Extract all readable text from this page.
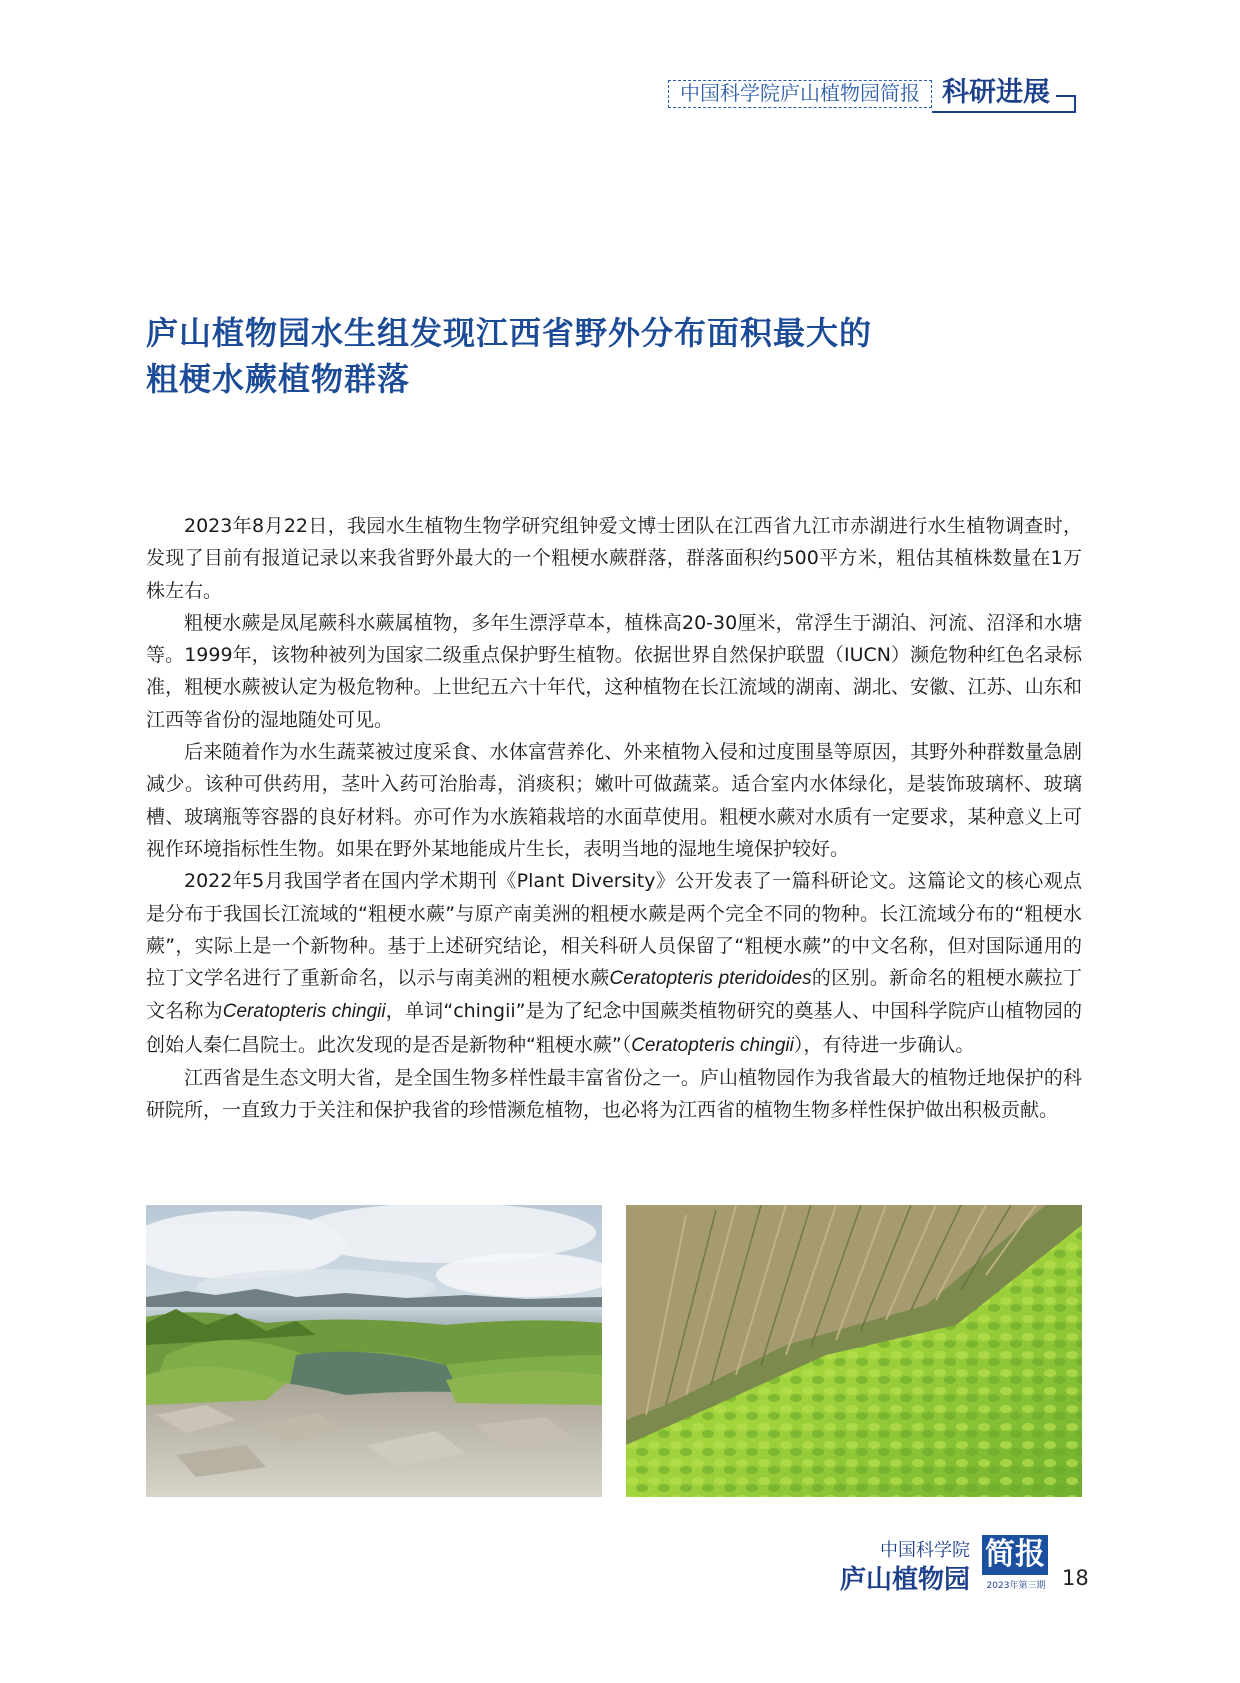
中国科学院庐山植物园简报 科研进展
庐山植物园水生组发现江西省野外分布面积最大的
粗梗水蕨植物群落

2023年8月22日，我园水生植物生物学研究组钟爱文博士团队在江西省九江市赤湖进行水生植物调查时，发现了目前有报道记录以来我省野外最大的一个粗梗水蕨群落，群落面积约500平方米，粗估其植株数量在1万株左右。

粗梗水蕨是凤尾蕨科水蕨属植物，多年生漂浮草本，植株高20-30厘米，常浮生于湖泊、河流、沼泽和水塘等。1999年，该物种被列为国家二级重点保护野生植物。依据世界自然保护联盟（IUCN）濒危物种红色名录标准，粗梗水蕨被认定为极危物种。上世纪五六十年代，这种植物在长江流域的湖南、湖北、安徽、江苏、山东和江西等省份的湿地随处可见。

后来随着作为水生蔬菜被过度采食、水体富营养化、外来植物入侵和过度围垦等原因，其野外种群数量急剧减少。该种可供药用，茎叶入药可治胎毒，消痰积；嫩叶可做蔬菜。适合室内水体绿化，是装饰玻璃杯、玻璃槽、玻璃瓶等容器的良好材料。亦可作为水族箱栽培的水面草使用。粗梗水蕨对水质有一定要求，某种意义上可视作环境指标性生物。如果在野外某地能成片生长，表明当地的湿地生境保护较好。

2022年5月我国学者在国内学术期刊《Plant Diversity》公开发表了一篇科研论文。这篇论文的核心观点是分布于我国长江流域的“粗梗水蕨”与原产南美洲的粗梗水蕨是两个完全不同的物种。长江流域分布的“粗梗水蕨”，实际上是一个新物种。基于上述研究结论，相关科研人员保留了“粗梗水蕨”的中文名称，但对国际通用的拉丁文学名进行了重新命名，以示与南美洲的粗梗水蕨Ceratopteris pteridoides的区别。新命名的粗梗水蕨拉丁文名称为Ceratopteris chingii，单词“chingii”是为了纪念中国蕨类植物研究的奠基人、中国科学院庐山植物园的创始人秦仁昌院士。此次发现的是否是新物种“粗梗水蕨”（Ceratopteris chingii），有待进一步确认。

江西省是生态文明大省，是全国生物多样性最丰富省份之一。庐山植物园作为我省最大的植物迁地保护的科研院所，一直致力于关注和保护我省的珍惜濒危植物，也必将为江西省的植物生物多样性保护做出积极贡献。

中国科学院
庐山植物园
简报
2023年第三期 18
